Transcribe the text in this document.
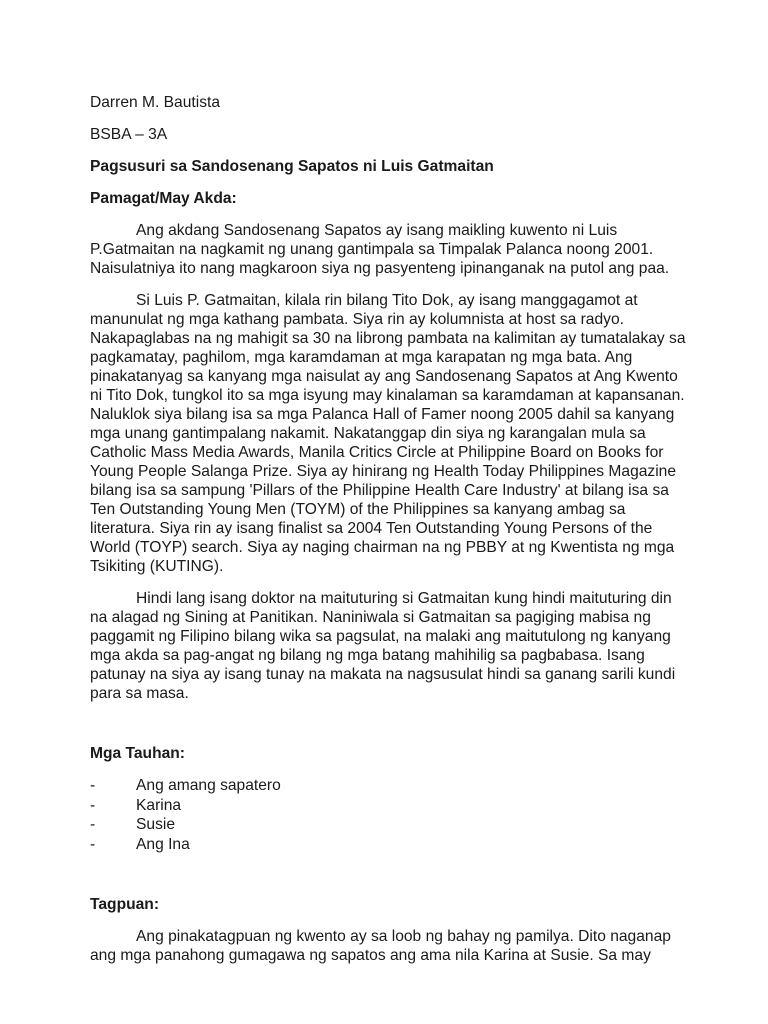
Darren M. Bautista

BSBA – 3A

Pagsusuri sa Sandosenang Sapatos ni Luis Gatmaitan

Pamagat/May Akda:

Ang akdang Sandosenang Sapatos ay isang maikling kuwento ni Luis P.Gatmaitan na nagkamit ng unang gantimpala sa Timpalak Palanca noong 2001. Naisulatniya ito nang magkaroon siya ng pasyenteng ipinanganak na putol ang paa.

Si Luis P. Gatmaitan, kilala rin bilang Tito Dok, ay isang manggagamot at manunulat ng mga kathang pambata. Siya rin ay kolumnista at host sa radyo. Nakapaglabas na ng mahigit sa 30 na librong pambata na kalimitan ay tumatalakay sa pagkamatay, paghilom, mga karamdaman at mga karapatan ng mga bata. Ang pinakatanyag sa kanyang mga naisulat ay ang Sandosenang Sapatos at Ang Kwento ni Tito Dok, tungkol ito sa mga isyung may kinalaman sa karamdaman at kapansanan. Naluklok siya bilang isa sa mga Palanca Hall of Famer noong 2005 dahil sa kanyang mga unang gantimpalang nakamit. Nakatanggap din siya ng karangalan mula sa Catholic Mass Media Awards, Manila Critics Circle at Philippine Board on Books for Young People Salanga Prize. Siya ay hinirang ng Health Today Philippines Magazine bilang isa sa sampung 'Pillars of the Philippine Health Care Industry' at bilang isa sa Ten Outstanding Young Men (TOYM) of the Philippines sa kanyang ambag sa literatura. Siya rin ay isang finalist sa 2004 Ten Outstanding Young Persons of the World (TOYP) search. Siya ay naging chairman na ng PBBY at ng Kwentista ng mga Tsikiting (KUTING).

Hindi lang isang doktor na maituturing si Gatmaitan kung hindi maituturing din na alagad ng Sining at Panitikan. Naniniwala si Gatmaitan sa pagiging mabisa ng paggamit ng Filipino bilang wika sa pagsulat, na malaki ang maitutulong ng kanyang mga akda sa pag-angat ng bilang ng mga batang mahihilig sa pagbabasa. Isang patunay na siya ay isang tunay na makata na nagsusulat hindi sa ganang sarili kundi para sa masa.

Mga Tauhan:

-	Ang amang sapatero
-	Karina
-	Susie
-	Ang Ina

Tagpuan:

Ang pinakatagpuan ng kwento ay sa loob ng bahay ng pamilya. Dito naganap ang mga panahong gumagawa ng sapatos ang ama nila Karina at Susie. Sa may
